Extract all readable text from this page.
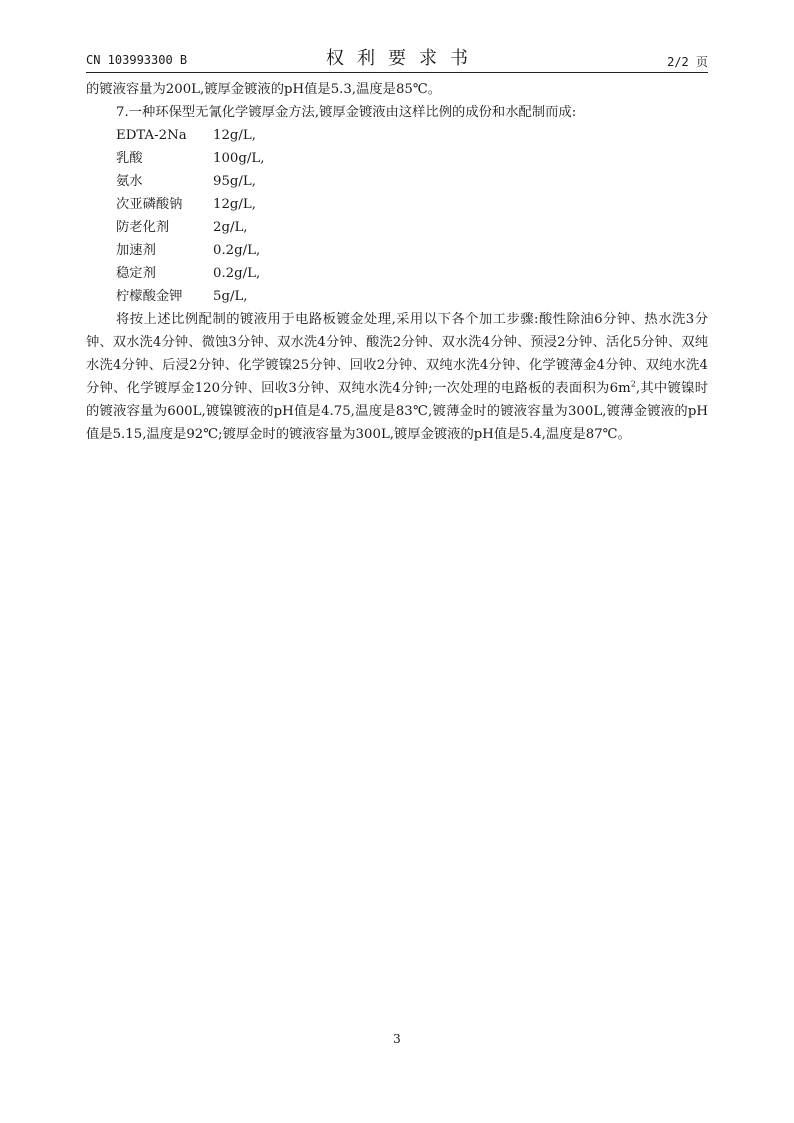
CN 103993300 B	权利要求书	2/2 页

的镀液容量为200L,镀厚金镀液的pH值是5.3,温度是85℃。

7.一种环保型无氰化学镀厚金方法,镀厚金镀液由这样比例的成份和水配制而成:

EDTA-2Na	12g/L,
乳酸	100g/L,
氨水	95g/L,
次亚磷酸钠	12g/L,
防老化剂	2g/L,
加速剂	0.2g/L,
稳定剂	0.2g/L,
柠檬酸金钾	5g/L,

将按上述比例配制的镀液用于电路板镀金处理,采用以下各个加工步骤:酸性除油6分钟、热水洗3分钟、双水洗4分钟、微蚀3分钟、双水洗4分钟、酸洗2分钟、双水洗4分钟、预浸2分钟、活化5分钟、双纯水洗4分钟、后浸2分钟、化学镀镍25分钟、回收2分钟、双纯水洗4分钟、化学镀薄金4分钟、双纯水洗4分钟、化学镀厚金120分钟、回收3分钟、双纯水洗4分钟;一次处理的电路板的表面积为$6m^2$,其中镀镍时的镀液容量为600L,镀镍镀液的pH值是4.75,温度是83℃,镀薄金时的镀液容量为300L,镀薄金镀液的pH值是5.15,温度是92℃;镀厚金时的镀液容量为300L,镀厚金镀液的pH值是5.4,温度是87℃。

3
